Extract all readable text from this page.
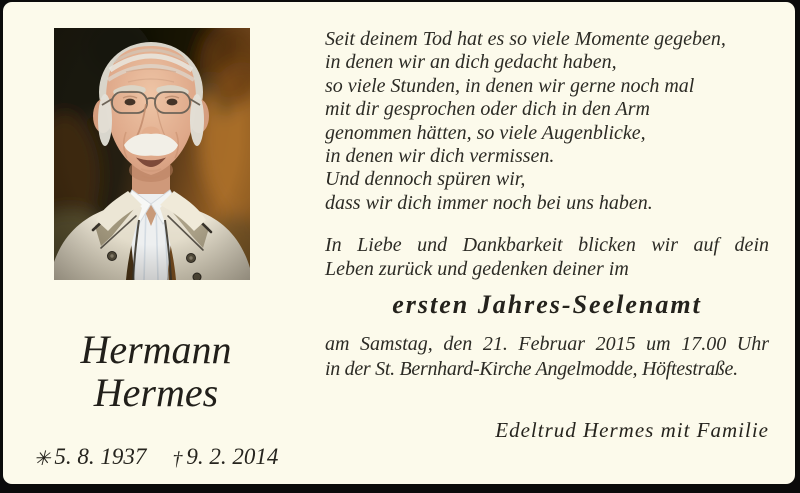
Hermann
Hermes
✳ 5. 8. 1937 † 9. 2. 2014
Seit deinem Tod hat es so viele Momente gegeben,
in denen wir an dich gedacht haben,
so viele Stunden, in denen wir gerne noch mal
mit dir gesprochen oder dich in den Arm
genommen hätten, so viele Augenblicke,
in denen wir dich vermissen.
Und dennoch spüren wir,
dass wir dich immer noch bei uns haben.
In Liebe und Dankbarkeit blicken wir auf dein
Leben zurück und gedenken deiner im
ersten Jahres-Seelenamt
am Samstag, den 21. Februar 2015 um 17.00 Uhr
in der St. Bernhard-Kirche Angelmodde, Höftestraße.
Edeltrud Hermes mit Familie
